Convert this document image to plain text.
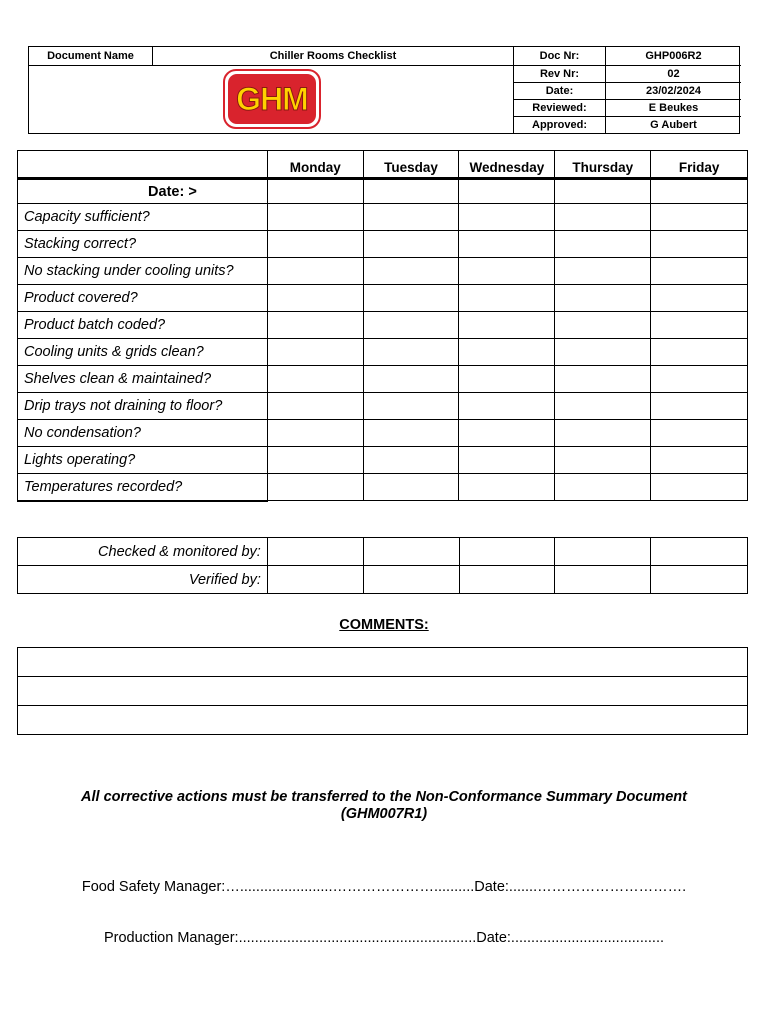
Document Name	Chiller Rooms Checklist
GHM
Doc Nr:	GHP006R2
Rev Nr:	02
Date:	23/02/2024
Reviewed:	E Beukes
Approved:	G Aubert
	Monday	Tuesday	Wednesday	Thursday	Friday
Date: >					
Capacity sufficient?					
Stacking correct?					
No stacking under cooling units?					
Product covered?					
Product batch coded?					
Cooling units & grids clean?					
Shelves clean & maintained?					
Drip trays not draining to floor?					
No condensation?					
Lights operating?					
Temperatures recorded?					
Checked & monitored by:					
Verified by:					
COMMENTS:

All corrective actions must be transferred to the Non-Conformance Summary Document (GHM007R1)
Food Safety Manager:….......................…………………..........Date:.......………………………….
Production Manager:...........................................................Date:......................................
